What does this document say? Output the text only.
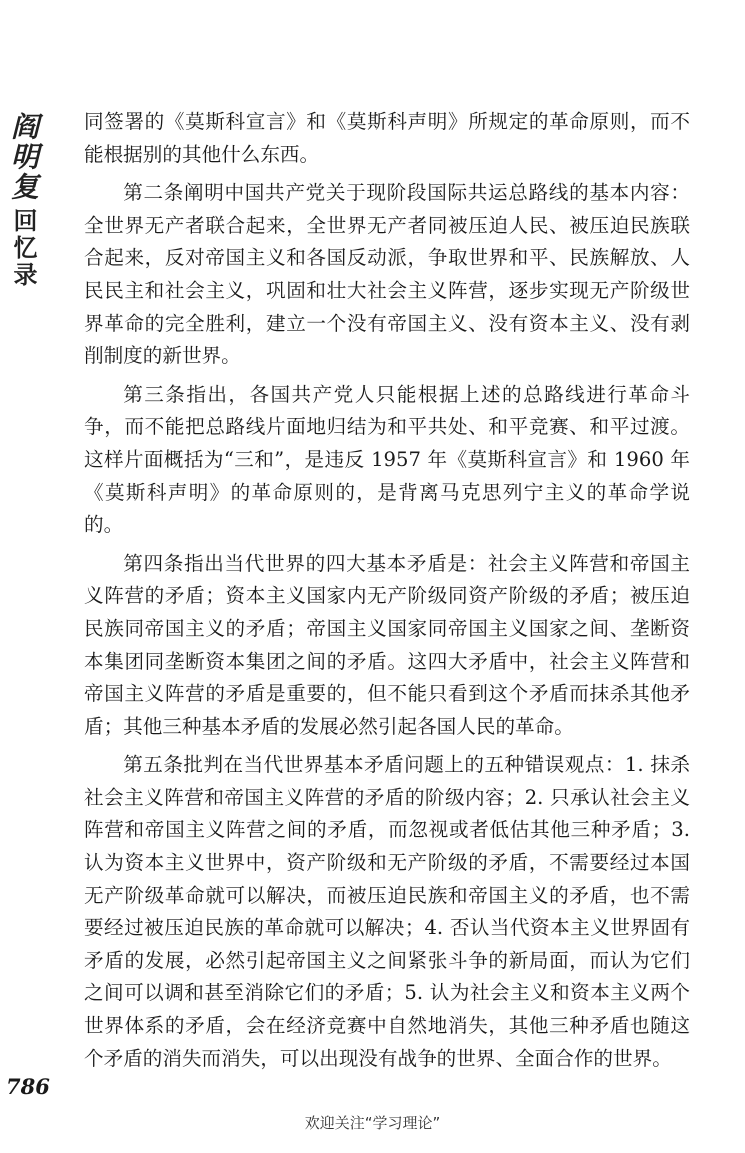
阎明复
回忆录

同签署的《莫斯科宣言》和《莫斯科声明》所规定的革命原则，而不能根据别的其他什么东西。

第二条阐明中国共产党关于现阶段国际共运总路线的基本内容：全世界无产者联合起来，全世界无产者同被压迫人民、被压迫民族联合起来，反对帝国主义和各国反动派，争取世界和平、民族解放、人民民主和社会主义，巩固和壮大社会主义阵营，逐步实现无产阶级世界革命的完全胜利，建立一个没有帝国主义、没有资本主义、没有剥削制度的新世界。

第三条指出，各国共产党人只能根据上述的总路线进行革命斗争，而不能把总路线片面地归结为和平共处、和平竞赛、和平过渡。这样片面概括为“三和”，是违反 1957 年《莫斯科宣言》和 1960 年《莫斯科声明》的革命原则的，是背离马克思列宁主义的革命学说的。

第四条指出当代世界的四大基本矛盾是：社会主义阵营和帝国主义阵营的矛盾；资本主义国家内无产阶级同资产阶级的矛盾；被压迫民族同帝国主义的矛盾；帝国主义国家同帝国主义国家之间、垄断资本集团同垄断资本集团之间的矛盾。这四大矛盾中，社会主义阵营和帝国主义阵营的矛盾是重要的，但不能只看到这个矛盾而抹杀其他矛盾；其他三种基本矛盾的发展必然引起各国人民的革命。

第五条批判在当代世界基本矛盾问题上的五种错误观点：1. 抹杀社会主义阵营和帝国主义阵营的矛盾的阶级内容；2. 只承认社会主义阵营和帝国主义阵营之间的矛盾，而忽视或者低估其他三种矛盾；3. 认为资本主义世界中，资产阶级和无产阶级的矛盾，不需要经过本国无产阶级革命就可以解决，而被压迫民族和帝国主义的矛盾，也不需要经过被压迫民族的革命就可以解决；4. 否认当代资本主义世界固有矛盾的发展，必然引起帝国主义之间紧张斗争的新局面，而认为它们之间可以调和甚至消除它们的矛盾；5. 认为社会主义和资本主义两个世界体系的矛盾，会在经济竞赛中自然地消失，其他三种矛盾也随这个矛盾的消失而消失，可以出现没有战争的世界、全面合作的世界。

786
欢迎关注“学习理论”
